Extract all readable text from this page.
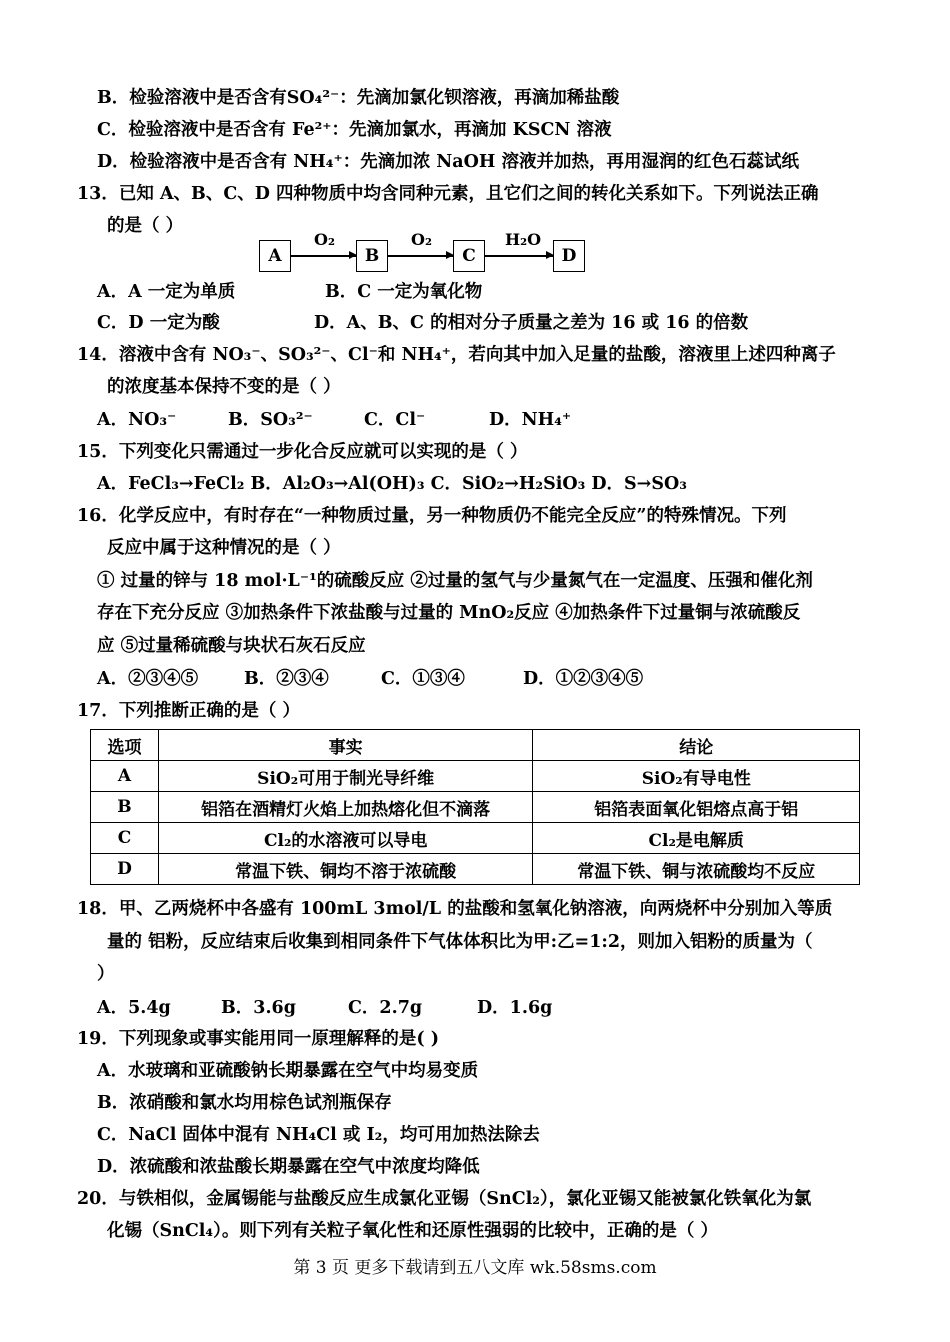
B．检验溶液中是否含有SO₄²⁻：先滴加氯化钡溶液，再滴加稀盐酸
C．检验溶液中是否含有 Fe²⁺：先滴加氯水，再滴加 KSCN 溶液
D．检验溶液中是否含有 NH₄⁺：先滴加浓 NaOH 溶液并加热，再用湿润的红色石蕊试纸
13．已知 A、B、C、D 四种物质中均含同种元素，且它们之间的转化关系如下。下列说法正确
的是（ ）
A
O₂
B
O₂
C
H₂O
D
A．A 一定为单质	B．C 一定为氧化物
C．D 一定为酸	D．A、B、C 的相对分子质量之差为 16 或 16 的倍数
14．溶液中含有 NO₃⁻、SO₃²⁻、Cl⁻和 NH₄⁺，若向其中加入足量的盐酸，溶液里上述四种离子
的浓度基本保持不变的是（ ）
A．NO₃⁻	B．SO₃²⁻	C．Cl⁻	D．NH₄⁺
15．下列变化只需通过一步化合反应就可以实现的是（ ）
A．FeCl₃→FeCl₂ B．Al₂O₃→Al(OH)₃ C．SiO₂→H₂SiO₃ D．S→SO₃
16．化学反应中，有时存在“一种物质过量，另一种物质仍不能完全反应”的特殊情况。下列
反应中属于这种情况的是（ ）
① 过量的锌与 18 mol·L⁻¹的硫酸反应 ②过量的氢气与少量氮气在一定温度、压强和催化剂
存在下充分反应 ③加热条件下浓盐酸与过量的 MnO₂反应 ④加热条件下过量铜与浓硫酸反
应 ⑤过量稀硫酸与块状石灰石反应
A．②③④⑤	B．②③④	C．①③④	D．①②③④⑤
17．下列推断正确的是（ ）
选项	事实	结论
A	SiO₂可用于制光导纤维	SiO₂有导电性
B	铝箔在酒精灯火焰上加热熔化但不滴落	铝箔表面氧化铝熔点高于铝
C	Cl₂的水溶液可以导电	Cl₂是电解质
D	常温下铁、铜均不溶于浓硫酸	常温下铁、铜与浓硫酸均不反应
18．甲、乙两烧杯中各盛有 100mL 3mol/L 的盐酸和氢氧化钠溶液，向两烧杯中分别加入等质
量的 铝粉，反应结束后收集到相同条件下气体体积比为甲:乙=1:2，则加入铝粉的质量为（
）
A．5.4g	B．3.6g	C．2.7g	D．1.6g
19．下列现象或事实能用同一原理解释的是( )
A．水玻璃和亚硫酸钠长期暴露在空气中均易变质
B．浓硝酸和氯水均用棕色试剂瓶保存
C．NaCl 固体中混有 NH₄Cl 或 I₂，均可用加热法除去
D．浓硫酸和浓盐酸长期暴露在空气中浓度均降低
20．与铁相似，金属锡能与盐酸反应生成氯化亚锡（SnCl₂），氯化亚锡又能被氯化铁氧化为氯
化锡（SnCl₄）。则下列有关粒子氧化性和还原性强弱的比较中，正确的是（ ）
第 3 页 更多下载请到五八文库 wk.58sms.com
